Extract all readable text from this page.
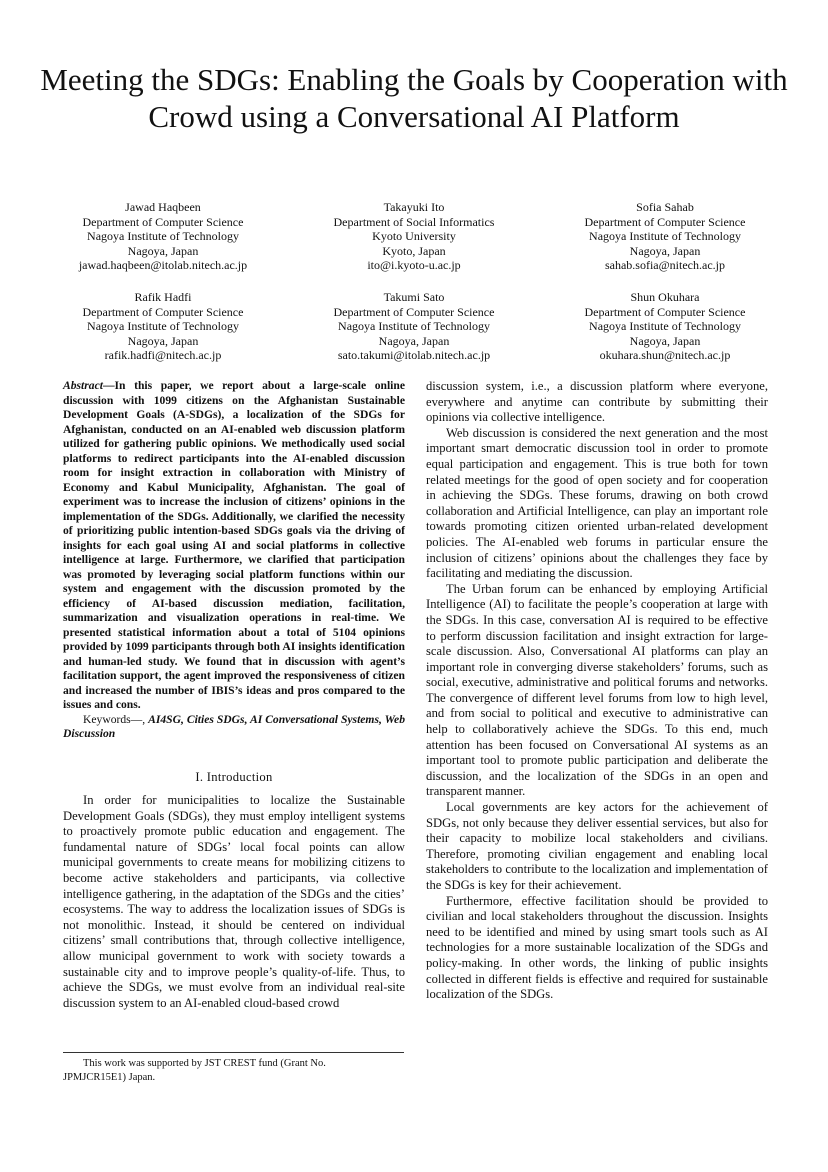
Meeting the SDGs: Enabling the Goals by Cooperation with Crowd using a Conversational AI Platform
Jawad Haqbeen
Department of Computer Science
Nagoya Institute of Technology
Nagoya, Japan
jawad.haqbeen@itolab.nitech.ac.jp
Takayuki Ito
Department of Social Informatics
Kyoto University
Kyoto, Japan
ito@i.kyoto-u.ac.jp
Sofia Sahab
Department of Computer Science
Nagoya Institute of Technology
Nagoya, Japan
sahab.sofia@nitech.ac.jp
Rafik Hadfi
Department of Computer Science
Nagoya Institute of Technology
Nagoya, Japan
rafik.hadfi@nitech.ac.jp
Takumi Sato
Department of Computer Science
Nagoya Institute of Technology
Nagoya, Japan
sato.takumi@itolab.nitech.ac.jp
Shun Okuhara
Department of Computer Science
Nagoya Institute of Technology
Nagoya, Japan
okuhara.shun@nitech.ac.jp

Abstract—In this paper, we report about a large-scale online discussion with 1099 citizens on the Afghanistan Sustainable Development Goals (A-SDGs), a localization of the SDGs for Afghanistan, conducted on an AI-enabled web discussion platform utilized for gathering public opinions. We methodically used social platforms to redirect participants into the AI-enabled discussion room for insight extraction in collaboration with Ministry of Economy and Kabul Municipality, Afghanistan. The goal of experiment was to increase the inclusion of citizens’ opinions in the implementation of the SDGs. Additionally, we clarified the necessity of prioritizing public intention-based SDGs goals via the driving of insights for each goal using AI and social platforms in collective intelligence at large. Furthermore, we clarified that participation was promoted by leveraging social platform functions within our system and engagement with the discussion promoted by the efficiency of AI-based discussion mediation, facilitation, summarization and visualization operations in real-time. We presented statistical information about a total of 5104 opinions provided by 1099 participants through both AI insights identification and human-led study. We found that in discussion with agent’s facilitation support, the agent improved the responsiveness of citizen and increased the number of IBIS’s ideas and pros compared to the issues and cons.

Keywords—, AI4SG, Cities SDGs, AI Conversational Systems, Web Discussion

I. Introduction

In order for municipalities to localize the Sustainable Development Goals (SDGs), they must employ intelligent systems to proactively promote public education and engagement. The fundamental nature of SDGs’ local focal points can allow municipal governments to create means for mobilizing citizens to become active stakeholders and participants, via collective intelligence gathering, in the adaptation of the SDGs and the cities’ ecosystems. The way to address the localization issues of SDGs is not monolithic. Instead, it should be centered on individual citizens’ small contributions that, through collective intelligence, allow municipal government to work with society towards a sustainable city and to improve people’s quality-of-life. Thus, to achieve the SDGs, we must evolve from an individual real-site discussion system to an AI-enabled cloud-based crowd

discussion system, i.e., a discussion platform where everyone, everywhere and anytime can contribute by submitting their opinions via collective intelligence.

Web discussion is considered the next generation and the most important smart democratic discussion tool in order to promote equal participation and engagement. This is true both for town related meetings for the good of open society and for cooperation in achieving the SDGs. These forums, drawing on both crowd collaboration and Artificial Intelligence, can play an important role towards promoting citizen oriented urban-related development policies. The AI-enabled web forums in particular ensure the inclusion of citizens’ opinions about the challenges they face by facilitating and mediating the discussion.

The Urban forum can be enhanced by employing Artificial Intelligence (AI) to facilitate the people’s cooperation at large with the SDGs. In this case, conversation AI is required to be effective to perform discussion facilitation and insight extraction for large-scale discussion. Also, Conversational AI platforms can play an important role in converging diverse stakeholders’ forums, such as social, executive, administrative and political forums and networks. The convergence of different level forums from low to high level, and from social to political and executive to administrative can help to collaboratively achieve the SDGs. To this end, much attention has been focused on Conversational AI systems as an important tool to promote public participation and deliberate the discussion, and the localization of the SDGs in an open and transparent manner.

Local governments are key actors for the achievement of SDGs, not only because they deliver essential services, but also for their capacity to mobilize local stakeholders and civilians. Therefore, promoting civilian engagement and enabling local stakeholders to contribute to the localization and implementation of the SDGs is key for their achievement.

Furthermore, effective facilitation should be provided to civilian and local stakeholders throughout the discussion. Insights need to be identified and mined by using smart tools such as AI technologies for a more sustainable localization of the SDGs and policy-making. In other words, the linking of public insights collected in different fields is effective and required for sustainable localization of the SDGs.

This work was supported by JST CREST fund (Grant No.
JPMJCR15E1) Japan.
